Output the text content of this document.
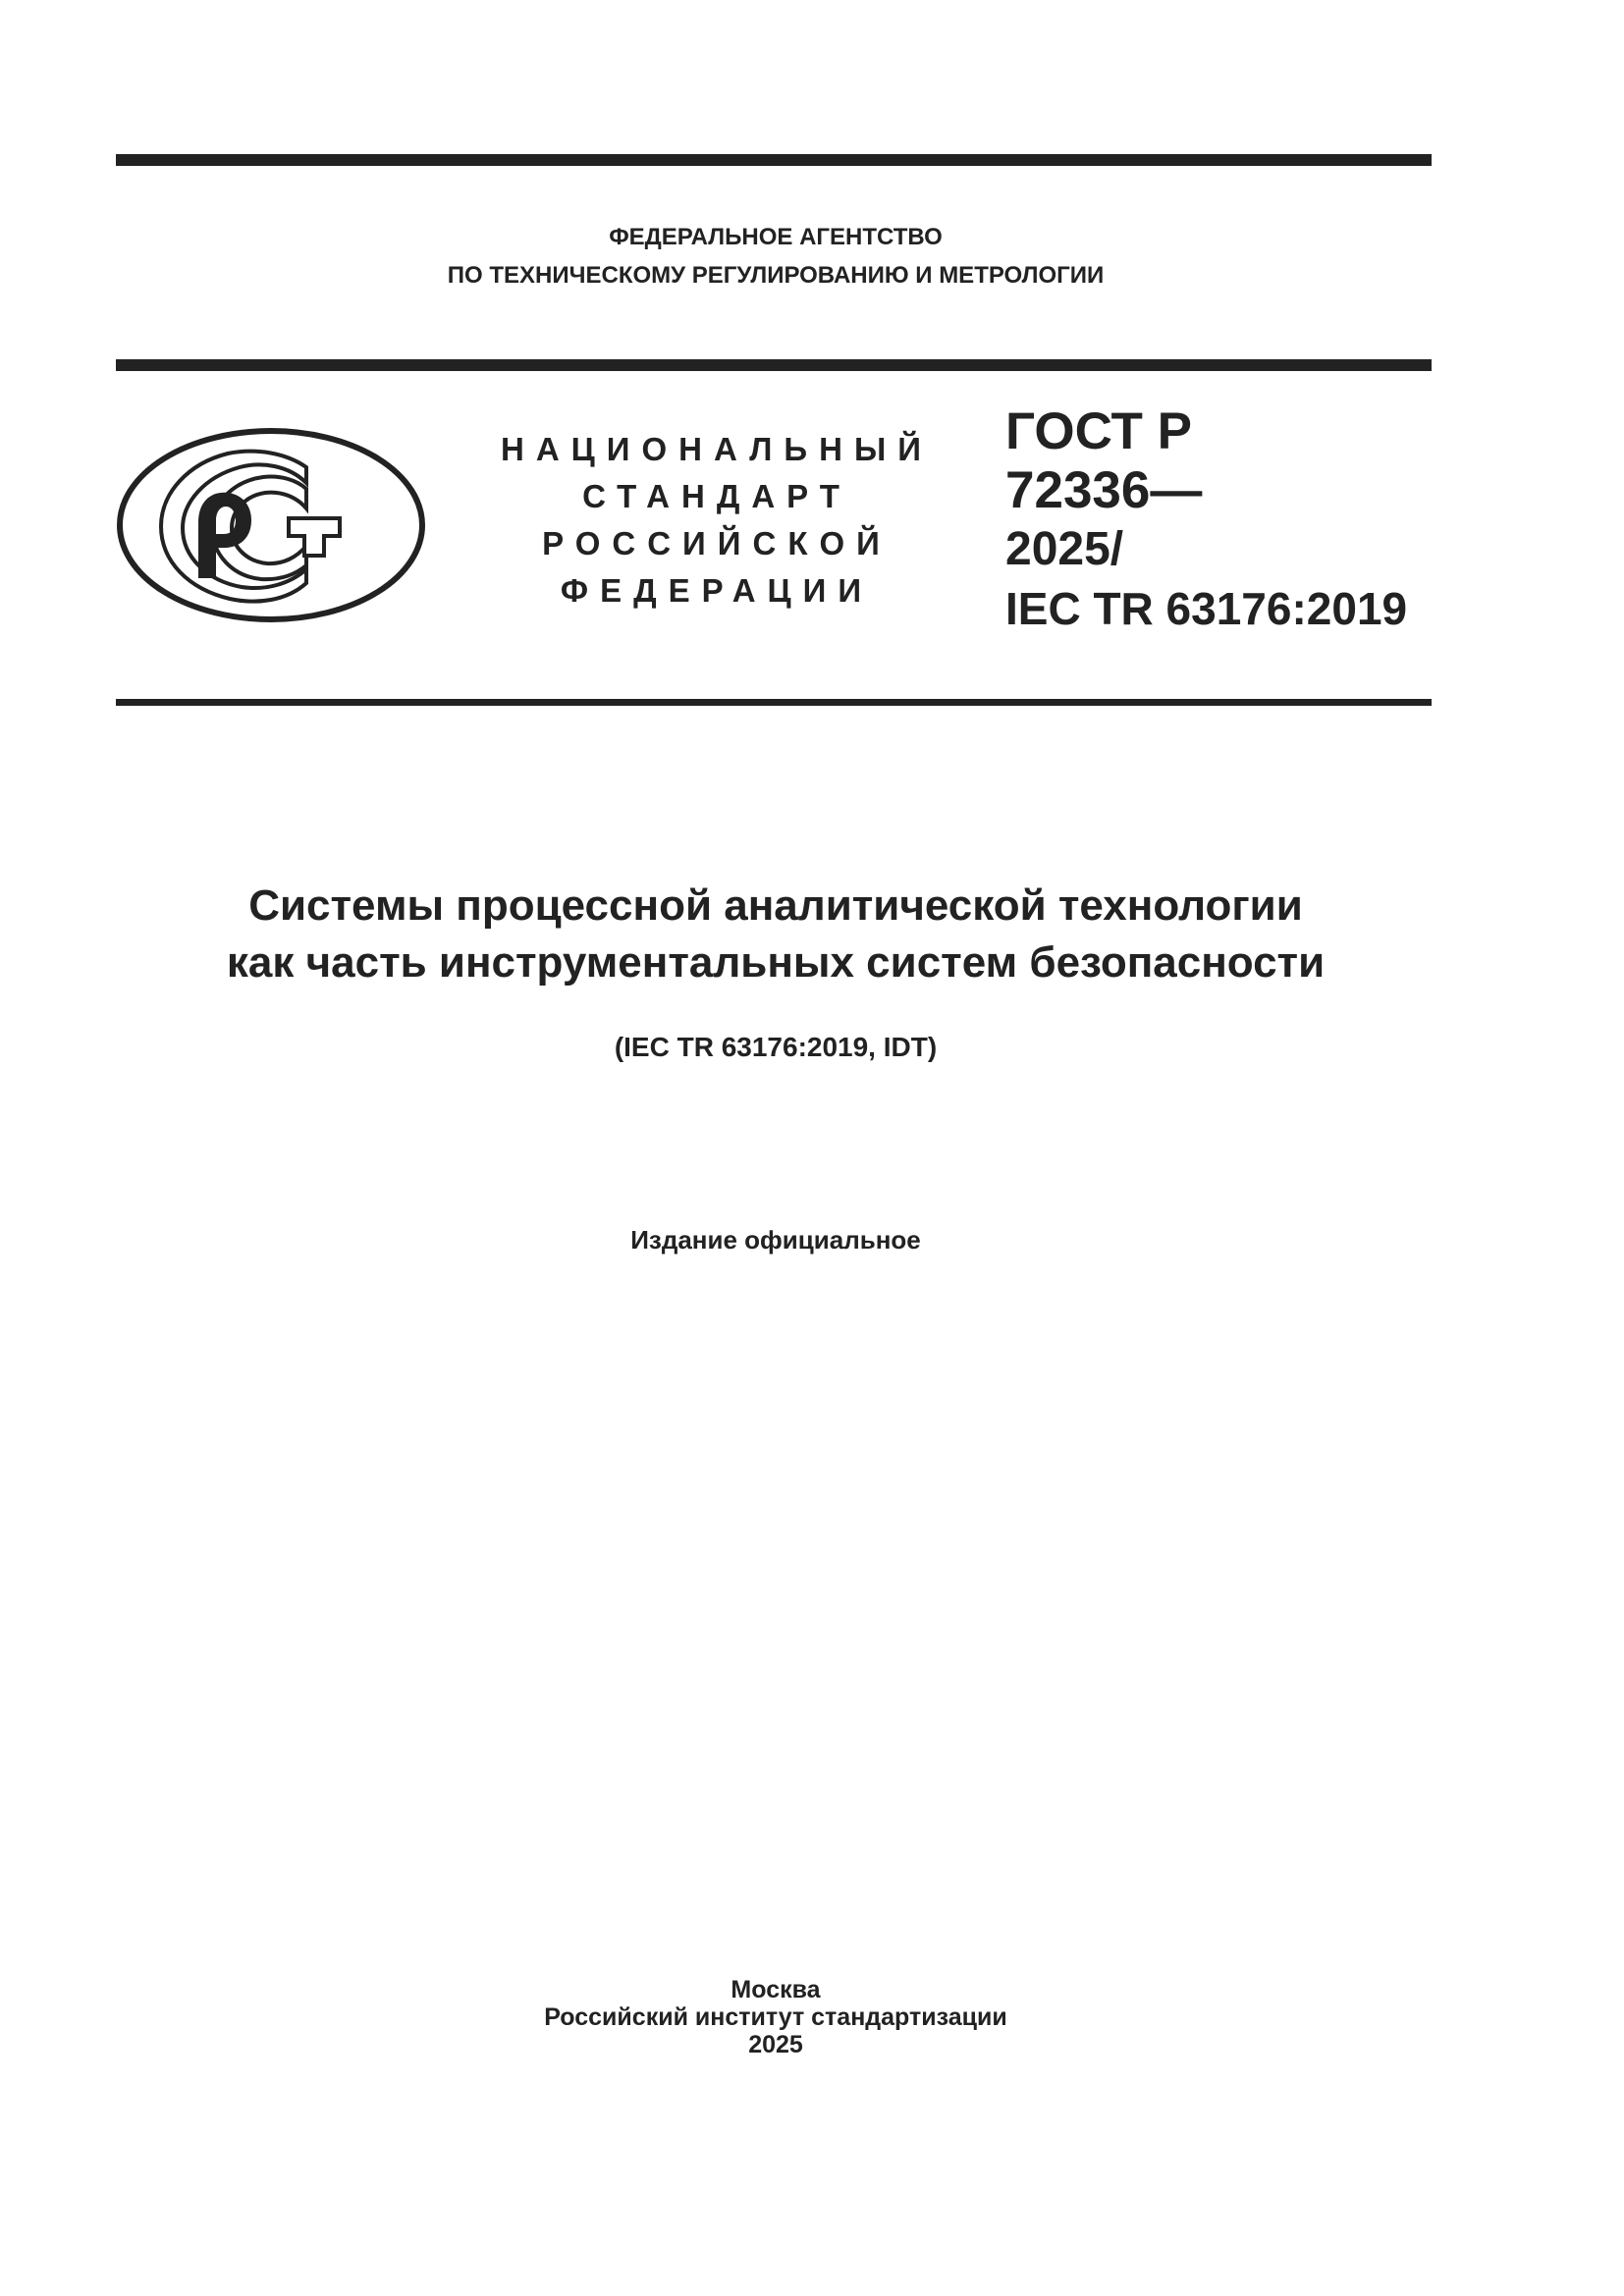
ФЕДЕРАЛЬНОЕ АГЕНТСТВО
ПО ТЕХНИЧЕСКОМУ РЕГУЛИРОВАНИЮ И МЕТРОЛОГИИ
НАЦИОНАЛЬНЫЙ
СТАНДАРТ
РОССИЙСКОЙ
ФЕДЕРАЦИИ
ГОСТ Р
72336—
2025/
IEC TR 63176:2019
Системы процессной аналитической технологии
как часть инструментальных систем безопасности
(IEC TR 63176:2019, IDT)
Издание официальное
Москва
Российский институт стандартизации
2025
